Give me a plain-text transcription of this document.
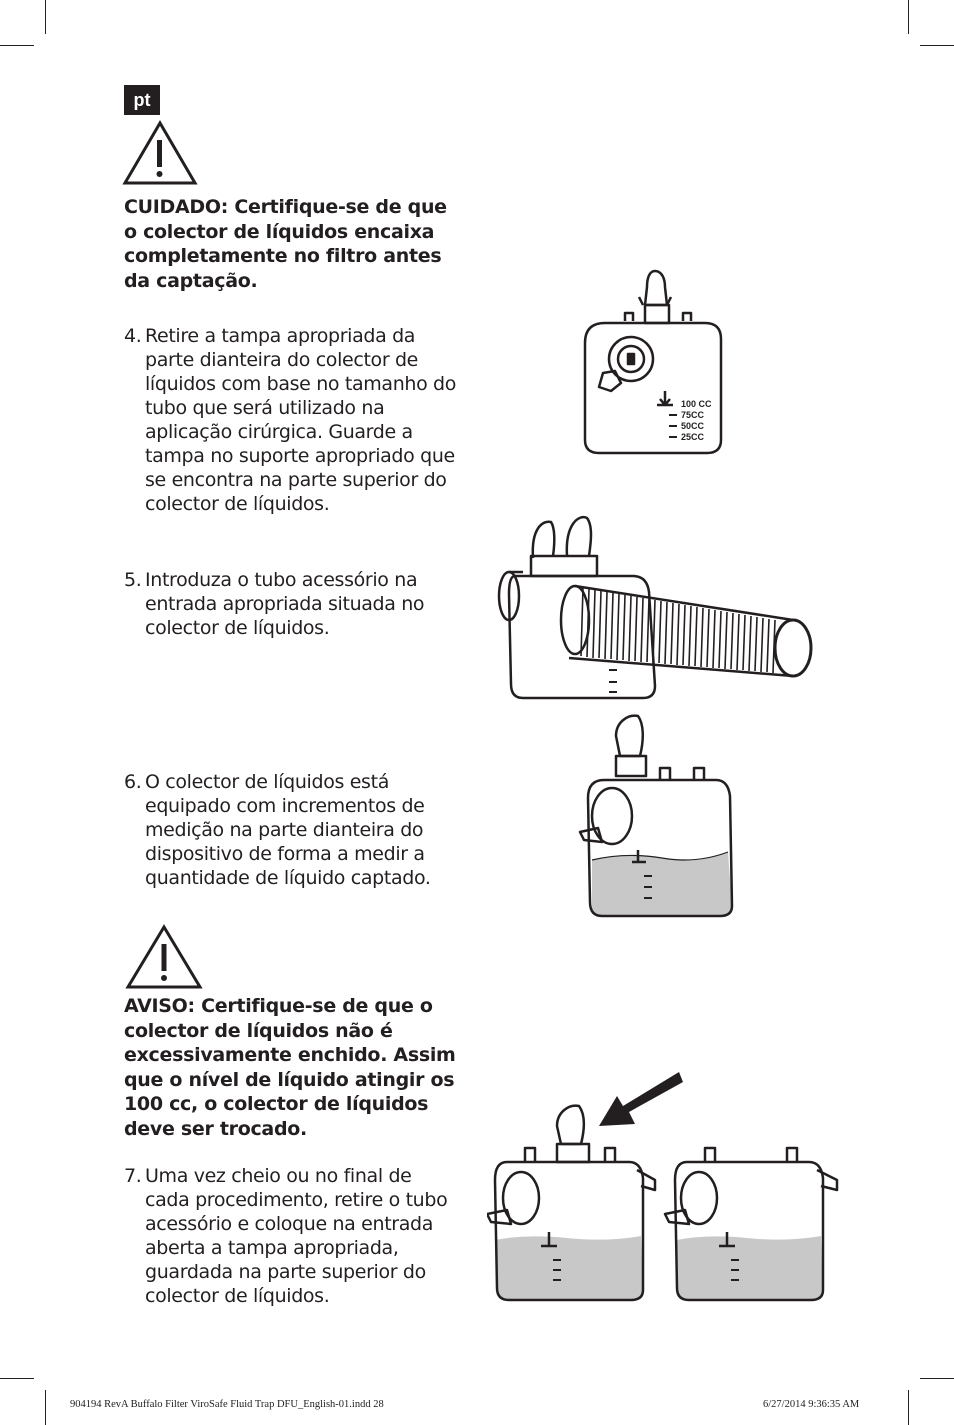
pt
CUIDADO: Certifique-se de que o colector de líquidos encaixa completamente no filtro antes da captação.
4. Retire a tampa apropriada da parte dianteira do colector de líquidos com base no tamanho do tubo que será utilizado na aplicação cirúrgica. Guarde a tampa no suporte apropriado que se encontra na parte superior do colector de líquidos.
5. Introduza o tubo acessório na entrada apropriada situada no colector de líquidos.
6. O colector de líquidos está equipado com incrementos de medição na parte dianteira do dispositivo de forma a medir a quantidade de líquido captado.
AVISO: Certifique-se de que o colector de líquidos não é excessivamente enchido. Assim que o nível de líquido atingir os 100 cc, o colector de líquidos deve ser trocado.
7. Uma vez cheio ou no final de cada procedimento, retire o tubo acessório e coloque na entrada aberta a tampa apropriada, guardada na parte superior do colector de líquidos.
100 CC
75CC
50CC
25CC
904194 RevA Buffalo Filter ViroSafe Fluid Trap DFU_English-01.indd 28	6/27/2014 9:36:35 AM
